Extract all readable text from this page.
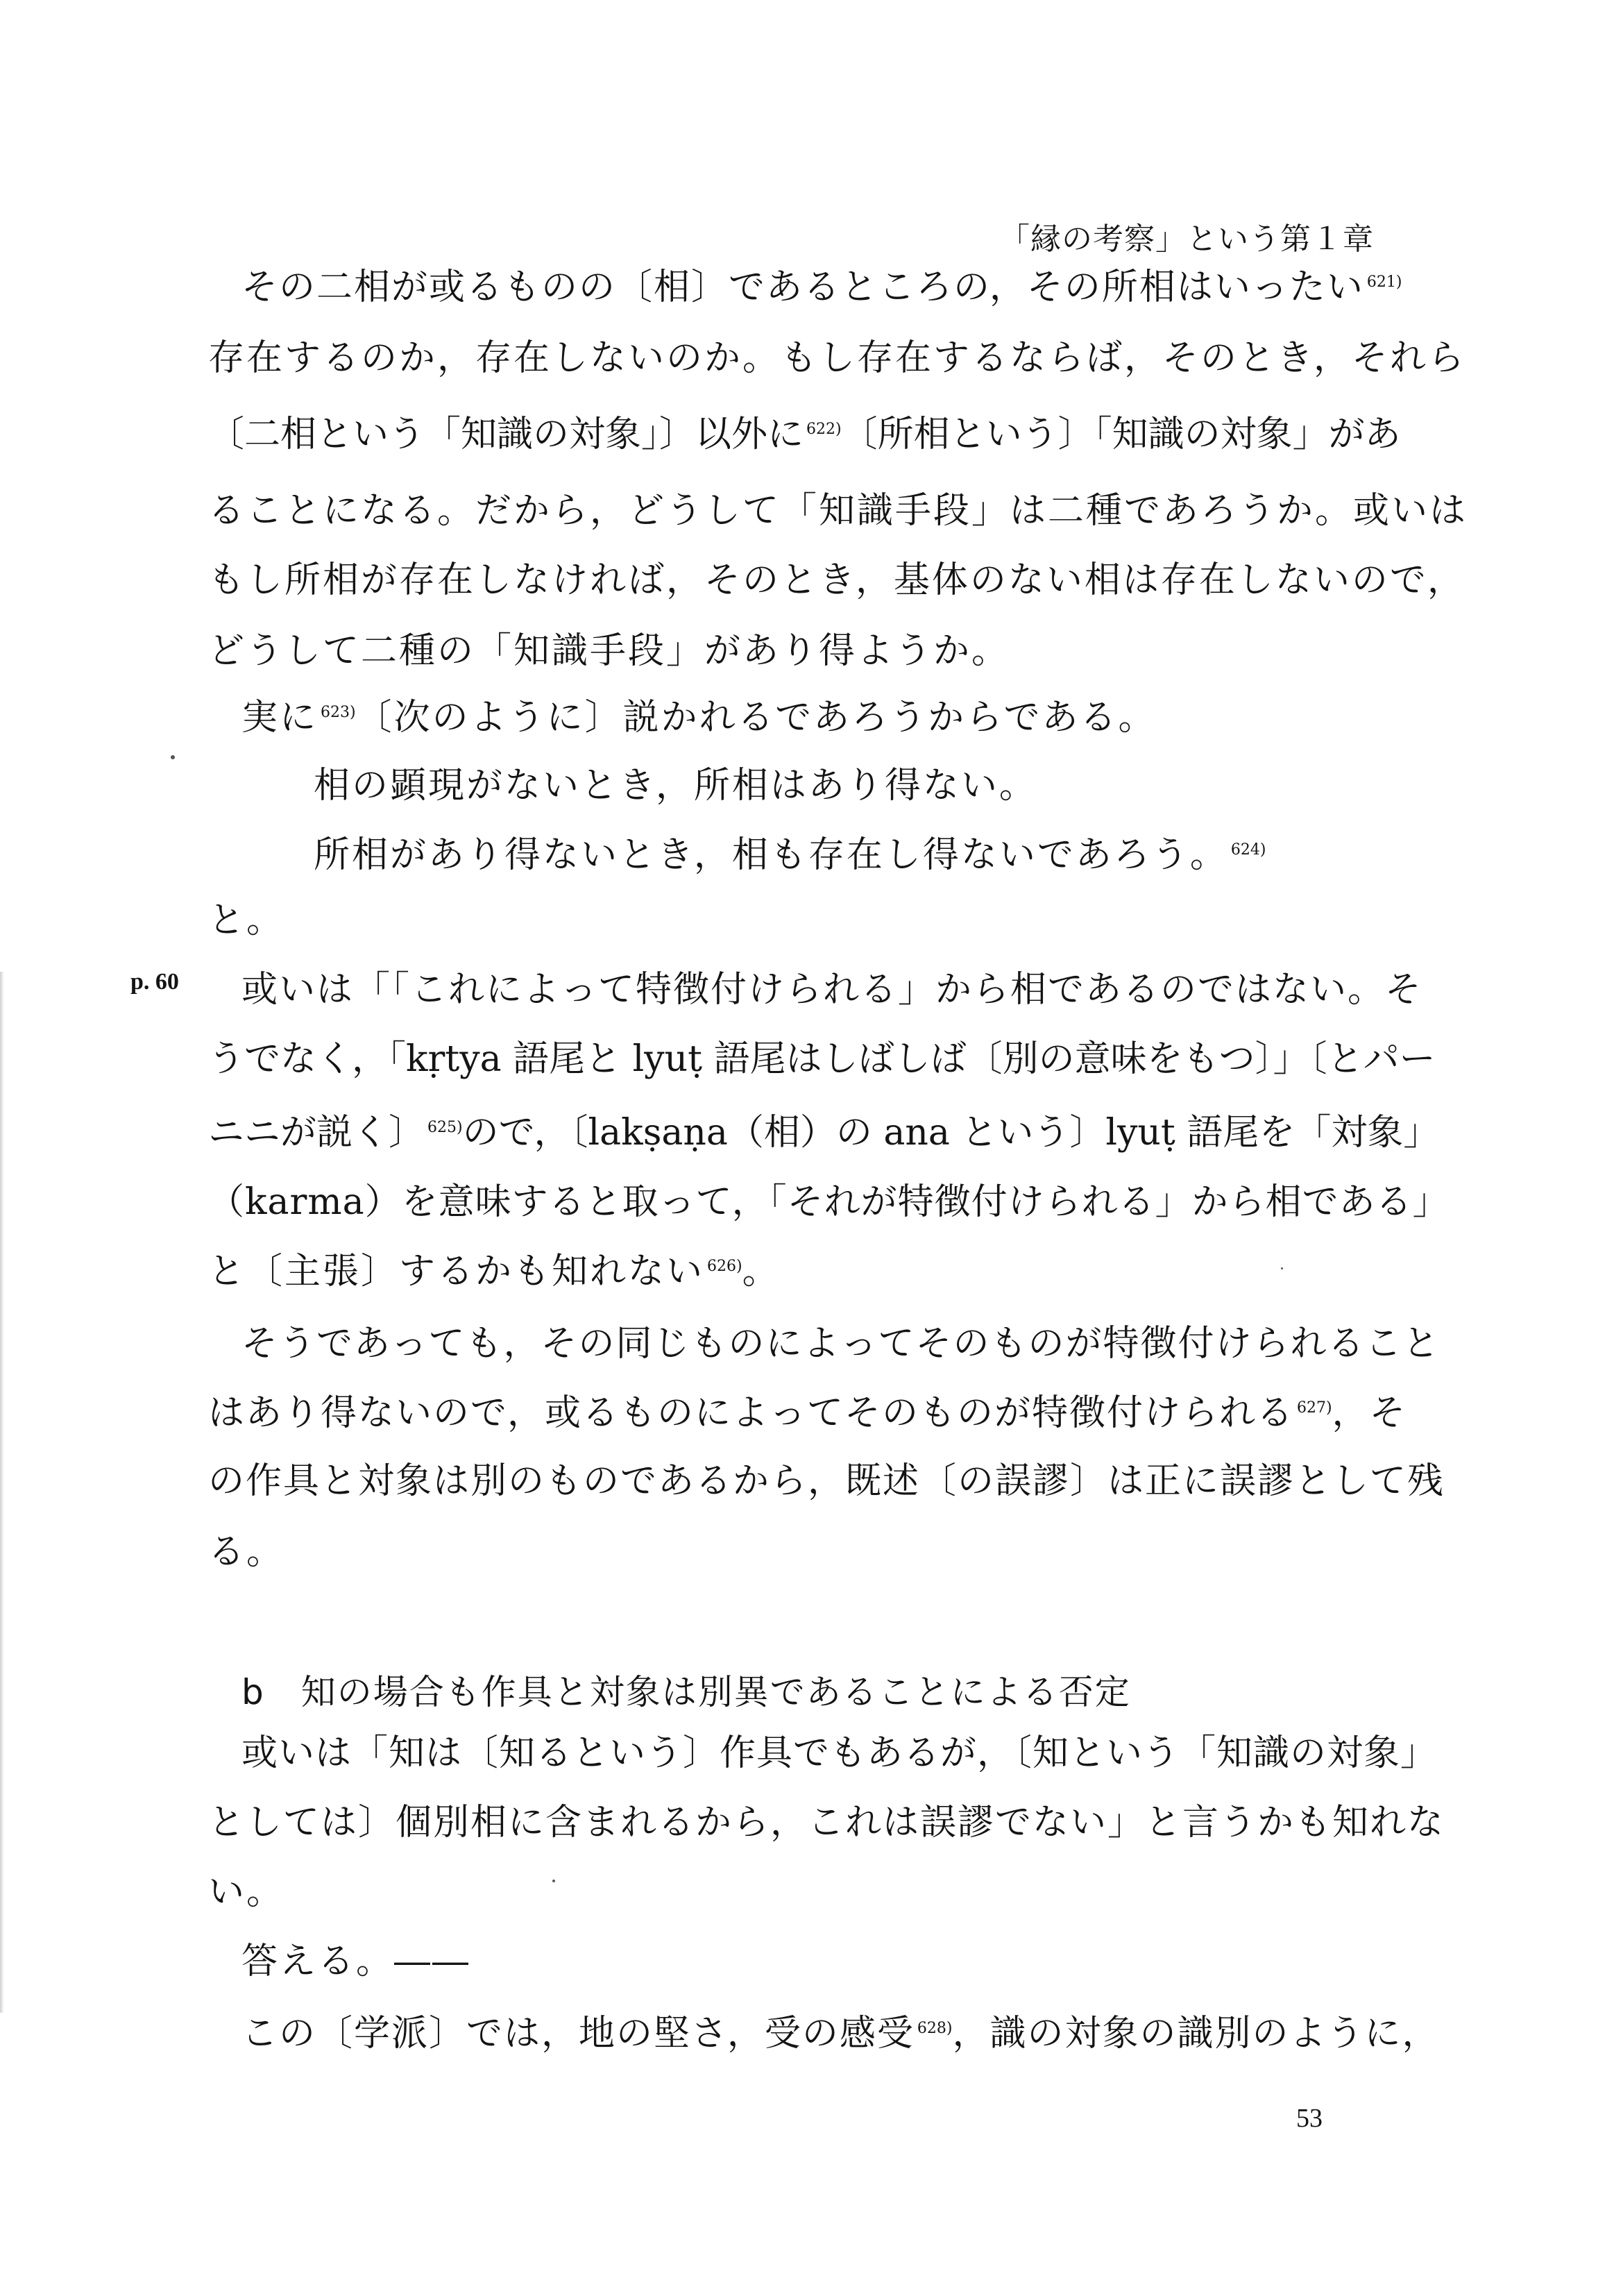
「縁の考察」という第１章
その二相が或るものの〔相〕であるところの，その所相はいったい $^{621)}$
存在するのか，存在しないのか。もし存在するならば，そのとき，それら
〔二相という「知識の対象」〕以外に $^{622)}$〔所相という〕「知識の対象」があ
ることになる。だから，どうして「知識手段」は二種であろうか。或いは
もし所相が存在しなければ，そのとき，基体のない相は存在しないので，
どうして二種の「知識手段」があり得ようか。
実に $^{623)}$〔次のように〕説かれるであろうからである。
相の顕現がないとき，所相はあり得ない。
所相があり得ないとき，相も存在し得ないであろう。 $^{624)}$
と。
p. 60 或いは「「これによって特徴付けられる」から相であるのではない。そ
うでなく，「kṛtya 語尾と lyuṭ 語尾はしばしば〔別の意味をもつ〕」〔とパー
ニニが説く〕 $^{625)}$ので，〔lakṣaṇa（相）の ana という〕lyuṭ 語尾を「対象」
（karma）を意味すると取って，「それが特徴付けられる」から相である」
と〔主張〕するかも知れない $^{626)}$。
そうであっても，その同じものによってそのものが特徴付けられること
はあり得ないので，或るものによってそのものが特徴付けられる $^{627)}$，そ
の作具と対象は別のものであるから，既述〔の誤謬〕は正に誤謬として残
る。
b　知の場合も作具と対象は別異であることによる否定
或いは「知は〔知るという〕作具でもあるが，〔知という「知識の対象」
としては〕個別相に含まれるから，これは誤謬でない」と言うかも知れな
い。
答える。――
この〔学派〕では，地の堅さ，受の感受 $^{628)}$，識の対象の識別のように，
53
